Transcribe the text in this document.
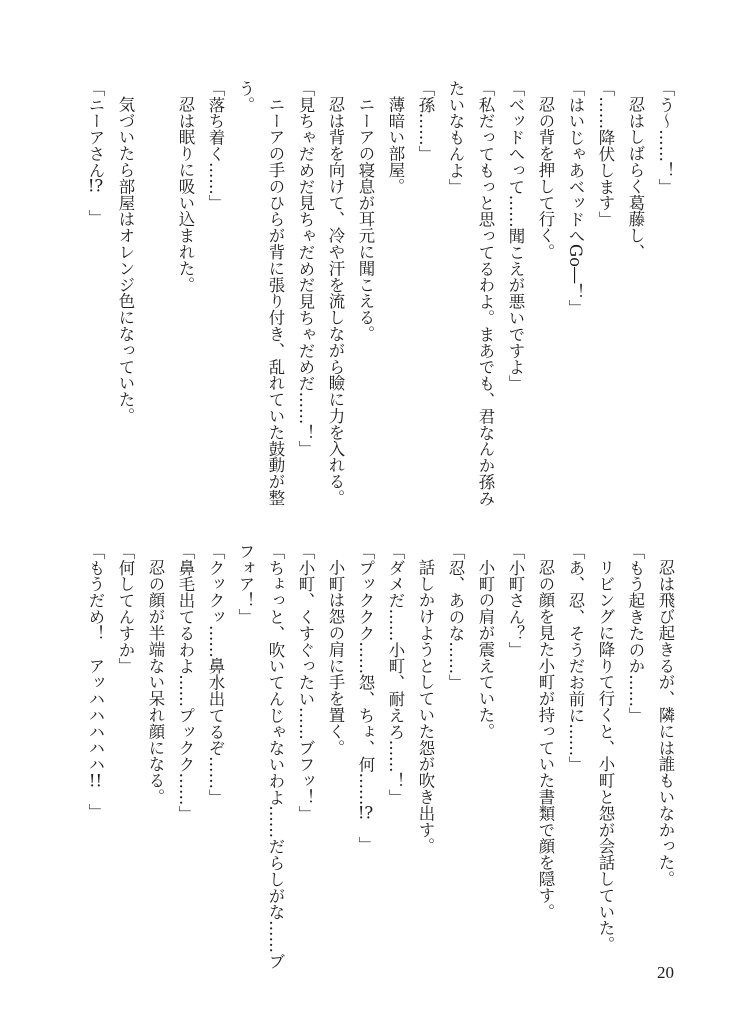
「う～……！」
忍はしばらく葛藤し、
「……降伏します」
「はいじゃあベッドへGo―！」
忍の背を押して行く。
「ベッドへって……聞こえが悪いですよ」
「私だってもっと思ってるわよ。まあでも、君なんか孫み
たいなもんよ」
「孫……」
薄暗い部屋。
ニーアの寝息が耳元に聞こえる。
忍は背を向けて、冷や汗を流しながら瞼に力を入れる。
「見ちゃだめだ見ちゃだめだ見ちゃだめだ……！」
ニーアの手のひらが背に張り付き、乱れていた鼓動が整
う。
「落ち着く……」
忍は眠りに吸い込まれた。
気づいたら部屋はオレンジ色になっていた。
「ニーアさん!?」
忍は飛び起きるが、隣には誰もいなかった。
「もう起きたのか……」
リビングに降りて行くと、小町と怨が会話していた。
「あ、忍、そうだお前に……」
忍の顔を見た小町が持っていた書類で顔を隠す。
「小町さん？」
小町の肩が震えていた。
「忍、あのな……」
話しかけようとしていた怨が吹き出す。
「ダメだ……小町、耐えろ……！」
「プッククク……怨、ちょ、何……!?」
小町は怨の肩に手を置く。
「小町、くすぐったい……ブフッ！」
「ちょっと、吹いてんじゃないわよ……だらしがな……ブ
フォア！」
「クックッ……鼻水出てるぞ……」
「鼻毛出てるわよ……プックク……」
忍の顔が半端ない呆れ顔になる。
「何してんすか」
「もうだめ！　アッハハハハハ!!」
20
